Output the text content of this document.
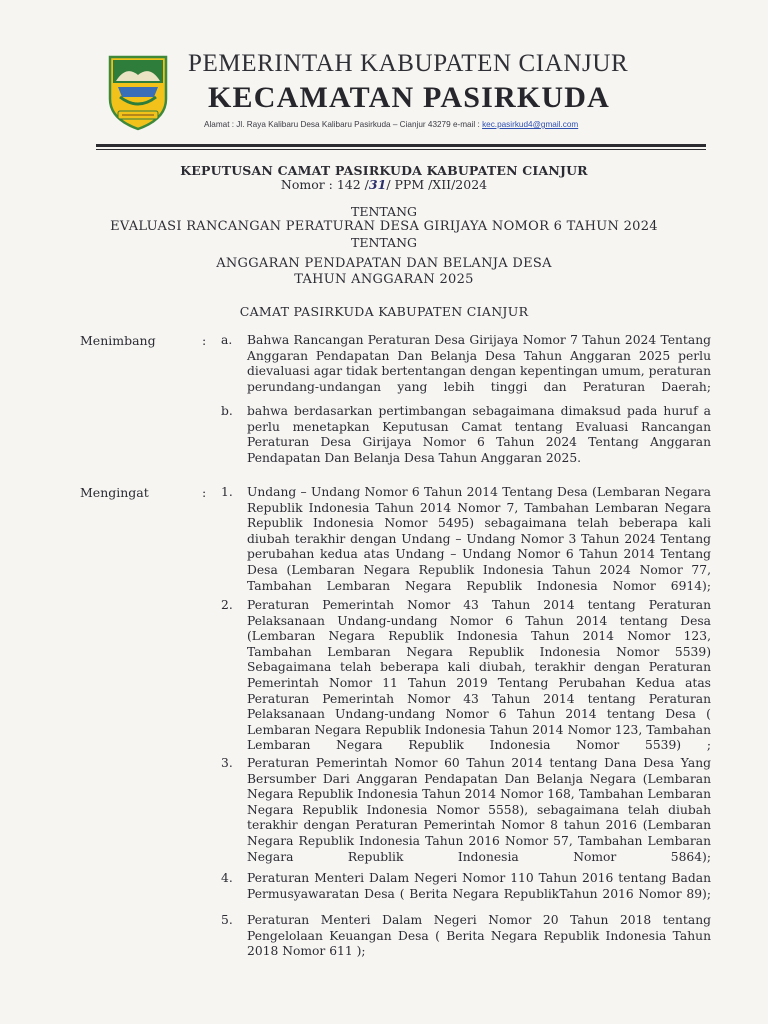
PEMERINTAH KABUPATEN CIANJUR
KECAMATAN PASIRKUDA
Alamat : Jl. Raya Kalibaru Desa Kalibaru Pasirkuda – Cianjur 43279 e-mail : kec.pasirkud4@gmail.com
KEPUTUSAN CAMAT PASIRKUDA KABUPATEN CIANJUR
Nomor : 142 /31/ PPM /XII/2024
TENTANG
EVALUASI RANCANGAN PERATURAN DESA GIRIJAYA NOMOR 6 TAHUN 2024
TENTANG
ANGGARAN PENDAPATAN DAN BELANJA DESA
TAHUN ANGGARAN 2025
CAMAT PASIRKUDA KABUPATEN CIANJUR
Menimbang	: a. Bahwa Rancangan Peraturan Desa Girijaya Nomor 7 Tahun 2024 Tentang Anggaran Pendapatan Dan Belanja Desa Tahun Anggaran 2025 perlu dievaluasi agar tidak bertentangan dengan kepentingan umum, peraturan perundang-undangan yang lebih tinggi dan Peraturan Daerah;
b. bahwa berdasarkan pertimbangan sebagaimana dimaksud pada huruf a perlu menetapkan Keputusan Camat tentang Evaluasi Rancangan Peraturan Desa Girijaya Nomor 6 Tahun 2024 Tentang Anggaran Pendapatan Dan Belanja Desa Tahun Anggaran 2025.
Mengingat	: 1. Undang – Undang Nomor 6 Tahun 2014 Tentang Desa (Lembaran Negara Republik Indonesia Tahun 2014 Nomor 7, Tambahan Lembaran Negara Republik Indonesia Nomor 5495) sebagaimana telah beberapa kali diubah terakhir dengan Undang – Undang Nomor 3 Tahun 2024 Tentang perubahan kedua atas Undang – Undang Nomor 6 Tahun 2014 Tentang Desa (Lembaran Negara Republik Indonesia Tahun 2024 Nomor 77, Tambahan Lembaran Negara Republik Indonesia Nomor 6914);
2. Peraturan Pemerintah Nomor 43 Tahun 2014 tentang Peraturan Pelaksanaan Undang-undang Nomor 6 Tahun 2014 tentang Desa (Lembaran Negara Republik Indonesia Tahun 2014 Nomor 123, Tambahan Lembaran Negara Republik Indonesia Nomor 5539) Sebagaimana telah beberapa kali diubah, terakhir dengan Peraturan Pemerintah Nomor 11 Tahun 2019 Tentang Perubahan Kedua atas Peraturan Pemerintah Nomor 43 Tahun 2014 tentang Peraturan Pelaksanaan Undang-undang Nomor 6 Tahun 2014 tentang Desa ( Lembaran Negara Republik Indonesia Tahun 2014 Nomor 123, Tambahan Lembaran Negara Republik Indonesia Nomor 5539) ;
3. Peraturan Pemerintah Nomor 60 Tahun 2014 tentang Dana Desa Yang Bersumber Dari Anggaran Pendapatan Dan Belanja Negara (Lembaran Negara Republik Indonesia Tahun 2014 Nomor 168, Tambahan Lembaran Negara Republik Indonesia Nomor 5558), sebagaimana telah diubah terakhir dengan Peraturan Pemerintah Nomor 8 tahun 2016 (Lembaran Negara Republik Indonesia Tahun 2016 Nomor 57, Tambahan Lembaran Negara Republik Indonesia Nomor 5864);
4. Peraturan Menteri Dalam Negeri Nomor 110 Tahun 2016 tentang Badan Permusyawaratan Desa ( Berita Negara RepublikTahun 2016 Nomor 89);
5. Peraturan Menteri Dalam Negeri Nomor 20 Tahun 2018 tentang Pengelolaan Keuangan Desa ( Berita Negara Republik Indonesia Tahun 2018 Nomor 611 );
